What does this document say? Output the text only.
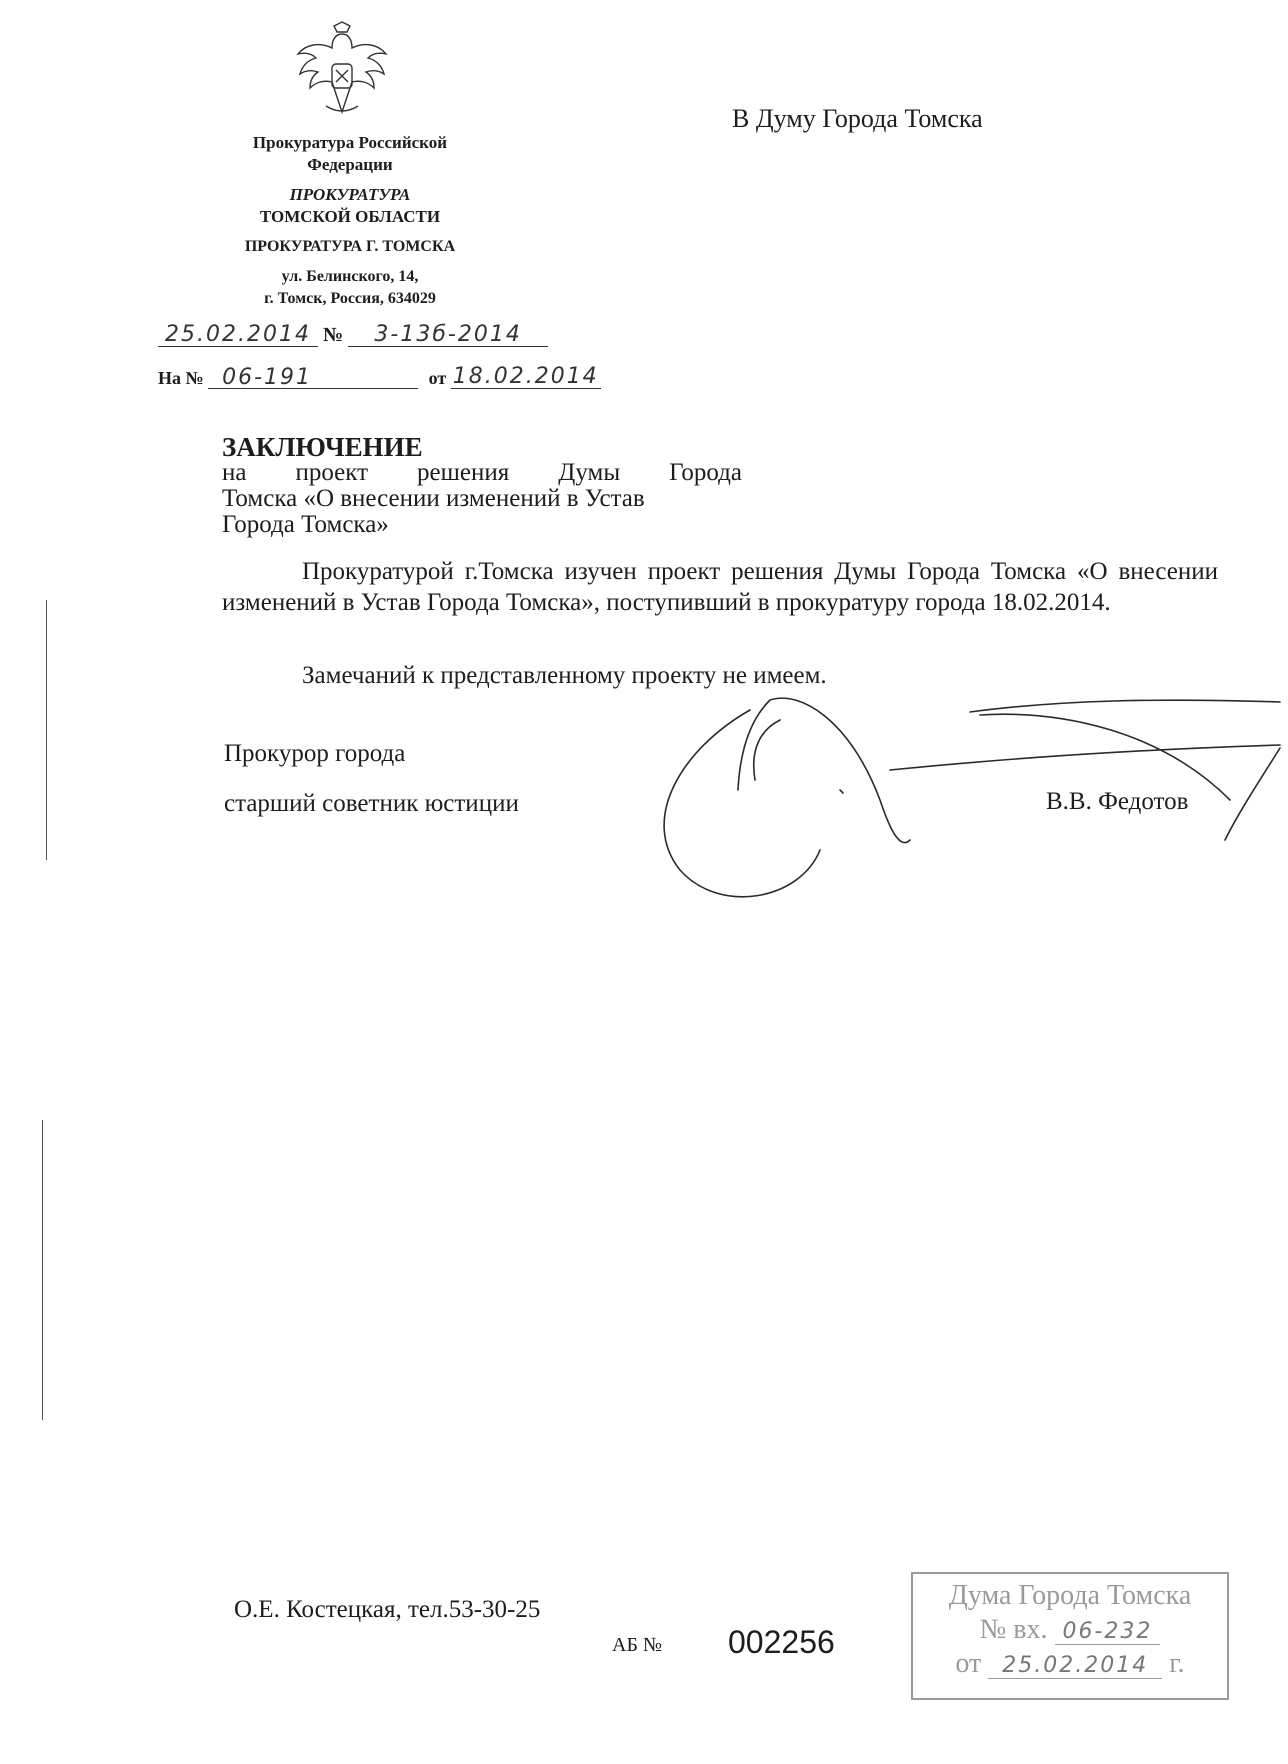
Прокуратура Российской
Федерации
ПРОКУРАТУРА
ТОМСКОЙ ОБЛАСТИ
ПРОКУРАТУРА Г. ТОМСКА
ул. Белинского, 14,
г. Томск, Россия, 634029
25.02.2014 № 3-13б-2014
На № 06-191	от 18.02.2014
В Думу Города Томска
ЗАКЛЮЧЕНИЕ
на проект решения Думы Города
Томска «О внесении изменений в Устав
Города Томска»
Прокуратурой г.Томска изучен проект решения Думы Города Томска «О внесении изменений в Устав Города Томска», поступивший в прокуратуру города 18.02.2014.
Замечаний к представленному проекту не имеем.
Прокурор города
старший советник юстиции	В.В. Федотов
О.Е. Костецкая, тел.53-30-25
АБ № 002256
Дума Города Томска
№ вх. 06-232
от 25.02.2014 г.
